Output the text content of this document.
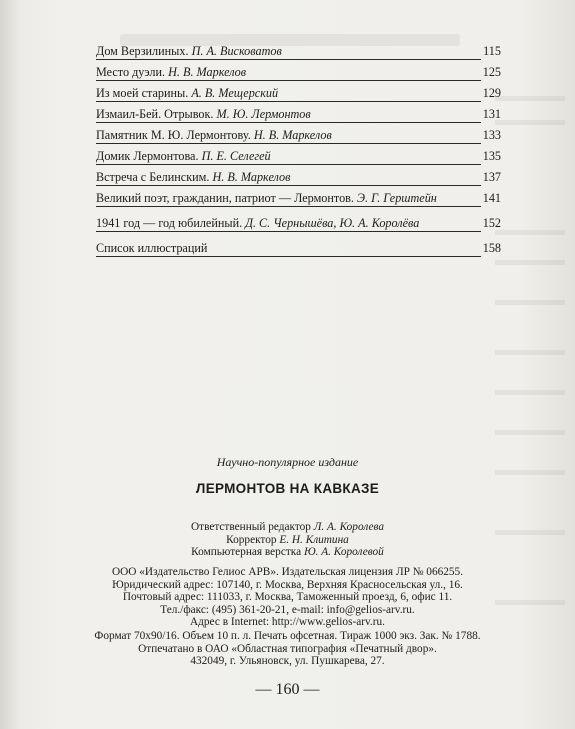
Дом Верзилиных. П. А. Висковатов	115
Место дуэли. Н. В. Маркелов	125
Из моей старины. А. В. Мещерский	129
Измаил-Бей. Отрывок. М. Ю. Лермонтов	131
Памятник М. Ю. Лермонтову. Н. В. Маркелов	133
Домик Лермонтова. П. Е. Селегей	135
Встреча с Белинским. Н. В. Маркелов	137
Великий поэт, гражданин, патриот — Лермонтов. Э. Г. Герштейн	141
1941 год — год юбилейный. Д. С. Чернышёва, Ю. А. Королёва	152
Список иллюстраций	158
Научно-популярное издание
ЛЕРМОНТОВ НА КАВКАЗЕ
Ответственный редактор Л. А. Королева
Корректор Е. Н. Клитина
Компьютерная верстка Ю. А. Королевой
ООО «Издательство Гелиос АРВ». Издательская лицензия ЛР № 066255.
Юридический адрес: 107140, г. Москва, Верхняя Красносельская ул., 16.
Почтовый адрес: 111033, г. Москва, Таможенный проезд, 6, офис 11.
Тел./факс: (495) 361-20-21, e-mail: info@gelios-arv.ru.
Адрес в Internet: http://www.gelios-arv.ru.
Формат 70x90/16. Объем 10 п. л. Печать офсетная. Тираж 1000 экз. Зак. № 1788.
Отпечатано в ОАО «Областная типография «Печатный двор».
432049, г. Ульяновск, ул. Пушкарева, 27.
— 160 —
